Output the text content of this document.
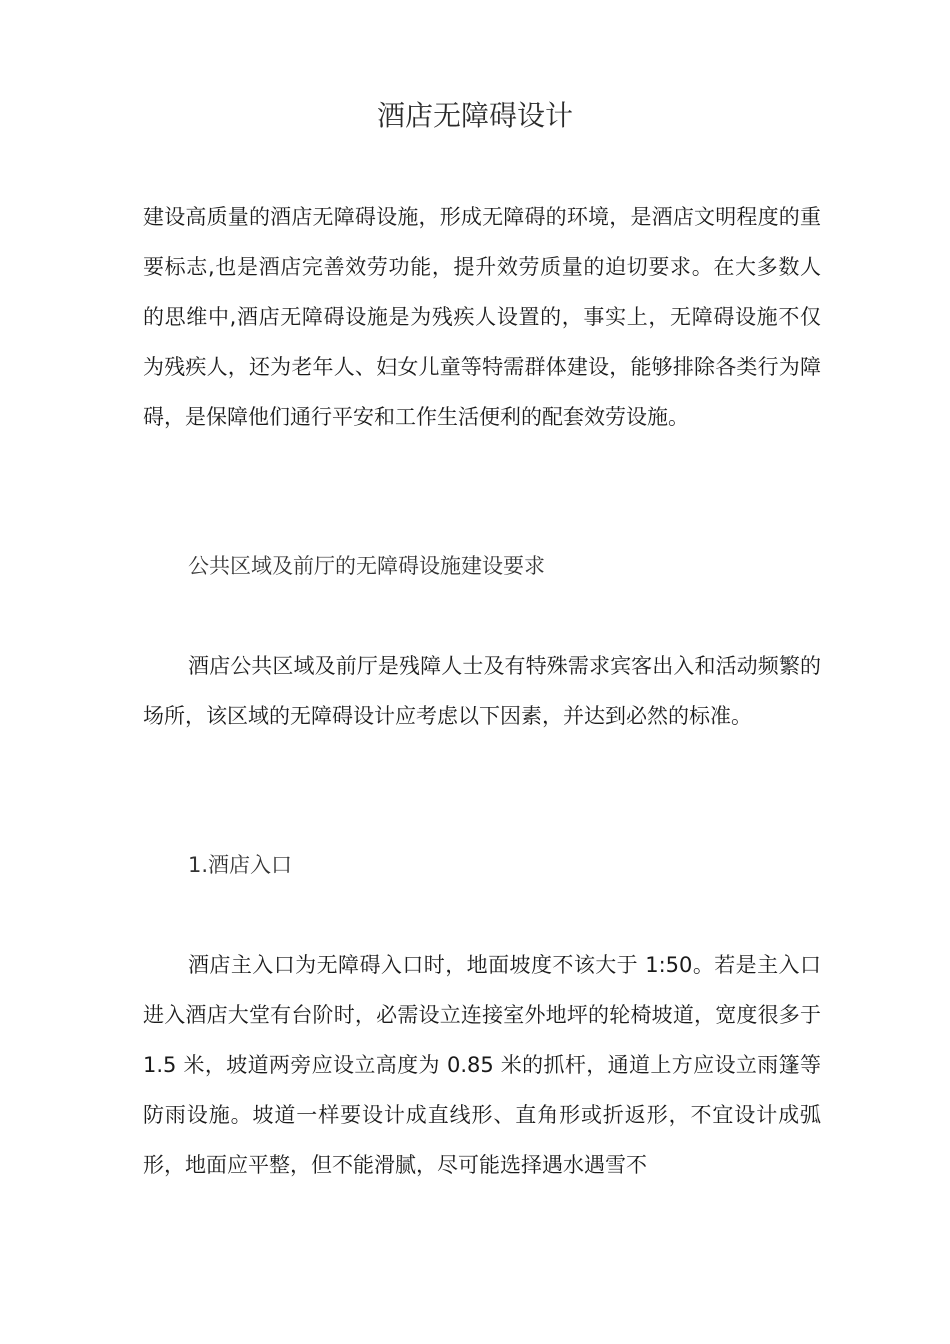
酒店无障碍设计

建设高质量的酒店无障碍设施，形成无障碍的环境，是酒店文明程度的重要标志,也是酒店完善效劳功能，提升效劳质量的迫切要求。在大多数人的思维中,酒店无障碍设施是为残疾人设置的，事实上，无障碍设施不仅为残疾人，还为老年人、妇女儿童等特需群体建设，能够排除各类行为障碍，是保障他们通行平安和工作生活便利的配套效劳设施。

公共区域及前厅的无障碍设施建设要求

酒店公共区域及前厅是残障人士及有特殊需求宾客出入和活动频繁的场所，该区域的无障碍设计应考虑以下因素，并达到必然的标准。

1.酒店入口

酒店主入口为无障碍入口时，地面坡度不该大于 1:50。若是主入口进入酒店大堂有台阶时，必需设立连接室外地坪的轮椅坡道，宽度很多于 1.5 米，坡道两旁应设立高度为 0.85 米的抓杆，通道上方应设立雨篷等防雨设施。坡道一样要设计成直线形、直角形或折返形，不宜设计成弧形，地面应平整，但不能滑腻，尽可能选择遇水遇雪不
